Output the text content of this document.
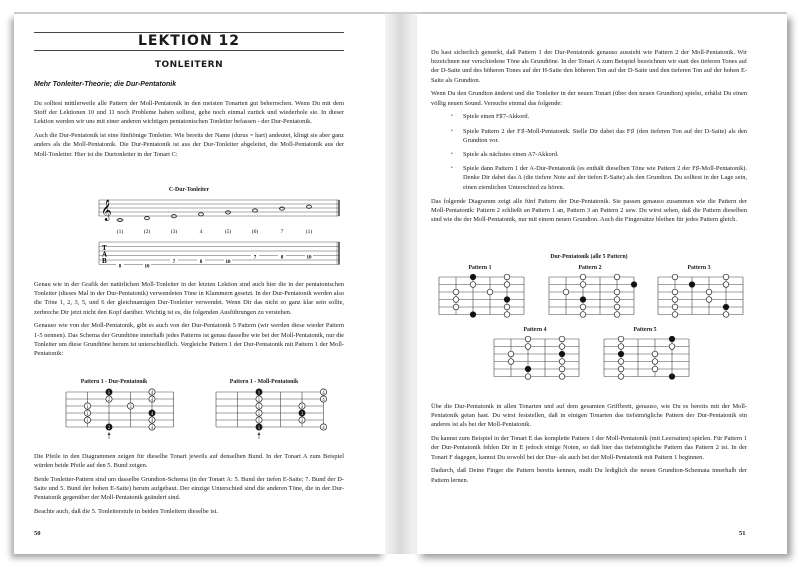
LEKTION 12
TONLEITERN
Mehr Tonleiter-Theorie; die Dur-Pentatonik

Du solltest mittlerweile alle Pattern der Moll-Pentatonik in den meisten Tonarten gut beherrschen. Wenn Du mit dem Stoff der Lektionen 10 und 11 noch Probleme haben solltest, gehe noch einmal zurück und wiederhole sie. In dieser Lektion werden wir uns mit einer anderen wichtigen pentatonischen Tonleiter befassen - der Dur-Pentatonik.

Auch die Dur-Pentatonik ist eine fünftönige Tonleiter. Wie bereits der Name (durus = hart) andeutet, klingt sie aber ganz anders als die Moll-Pentatonik. Die Dur-Pentatonik ist aus der Dur-Tonleiter abgeleitet, die Moll-Pentatonik aus der Moll-Tonleiter. Hier ist die Durtonleiter in der Tonart C:

C-Dur-Tonleiter
𝄞
(1)	(2)	(3)	4	(5)	(6)	7	(1)
T
A
B
8	10
7	8	10
7	8	10

Genau wie in der Grafik der natürlichen Moll-Tonleiter in der letzten Lektion sind auch hier die in der pentatonischen Tonleiter (dieses Mal in der Dur-Pentatonik) verwendeten Töne in Klammern gesetzt. In der Dur-Pentatonik werden also die Töne 1, 2, 3, 5, und 6 der gleichnamigen Dur-Tonleiter verwendet. Wenn Dir das nicht so ganz klar sein sollte, zerbreche Dir jetzt nicht den Kopf darüber. Wichtig ist es, die folgenden Ausführungen zu verstehen.

Genauso wie von der Moll-Pentatonik, gibt es auch von der Dur-Pentatonik 5 Pattern (wir werden diese wieder Pattern 1-5 nennen). Das Schema der Grundtöne innerhalb jedes Patterns ist genau dasselbe wie bei der Moll-Pentatonik, nur die Tonleiter um diese Grundtöne herum ist unterschiedlich. Vergleiche Pattern 1 der Dur-Pentatonik mit Pattern 1 der Moll-Pentatonik:

Pattern 1 - Dur-Pentatonik	Pattern 1 - Moll-Pentatonik
5	4
2	4
1	3
1	4
1	4
2	4
1	4
1	4
1	3
1	3
1	3
1	4

Die Pfeile in den Diagrammen zeigen für dieselbe Tonart jeweils auf denselben Bund. In der Tonart A zum Beispiel würden beide Pfeile auf den 5. Bund zeigen.

Beide Tonleiter-Pattern sind um dasselbe Grundton-Schema (in der Tonart A: 5. Bund der tiefen E-Saite; 7. Bund der D-Saite und 5. Bund der hohen E-Saite) herum aufgebaut. Der einzige Unterschied sind die anderen Töne, die in der Dur-Pentatonik gegenüber der Moll-Pentatonik geändert sind.

Beachte auch, daß die 5. Tonleiterstufe in beiden Tonleitern dieselbe ist.

50

Du hast sicherlich gemerkt, daß Pattern 1 der Dur-Pentatonik genauso aussieht wie Pattern 2 der Moll-Pentatonik. Wir bezeichnen nur verschiedene Töne als Grundtöne. In der Tonart A zum Beispiel bezeichnen wir statt des tieferen Tones auf der D-Saite und des höheren Tones auf der H-Saite den höheren Ton auf der D-Saite und den tieferen Ton auf der hohen E-Saite als Grundton.

Wenn Du den Grundton änderst und die Tonleiter in der neuen Tonart (über den neuen Grundton) spielst, erhälst Du einen völlig neuen Sound. Versuche einmal das folgende:

• Spiele einen F♯7-Akkord.
• Spiele Pattern 2 der F♯-Moll-Pentatonik. Stelle Dir dabei das F♯ (den tieferen Ton auf der D-Saite) als den Grundton vor.
• Spiele als nächstes einen A7-Akkord.
• Spiele dann Pattern 1 der A-Dur-Pentatonik (es enthält dieselben Töne wie Pattern 2 der F♯-Moll-Pentatonik). Denke Dir dabei das A (die tiefere Note auf der tiefen E-Saite) als den Grundton. Du solltest in der Lage sein, einen ziemlichen Unterschied zu hören.

Das folgende Diagramm zeigt alle fünf Pattern der Dur-Pentatonik. Sie passen genauso zusammen wie die Pattern der Moll-Pentatonik: Pattern 2 schließt an Pattern 1 an, Pattern 3 an Pattern 2 usw. Du wirst sehen, daß die Pattern dieselben sind wie die der Moll-Pentatonik, nur mit einem neuen Grundton. Auch die Fingersätze bleiben für jedes Pattern gleich.

Dur-Pentatonik (alle 5 Pattern)
Pattern 1	Pattern 2	Pattern 3
Pattern 4	Pattern 5

Übe die Dur-Pentatonik in allen Tonarten und auf dem gesamten Griffbrett, genauso, wie Du es bereits mit der Moll-Pentatonik getan hast. Du wirst feststellen, daß in einigen Tonarten das tiefstmögliche Pattern der Dur-Pentatonik ein anderes ist als bei der Moll-Pentatonik.

Du kannst zum Beispiel in der Tonart E das komplette Pattern 1 der Moll-Pentatonik (mit Leersaiten) spielen. Für Pattern 1 der Dur-Pentatonik fehlen Dir in E jedoch einige Noten, so daß hier das tiefstmögliche Pattern das Pattern 2 ist. In der Tonart F dagegen, kannst Du sowohl bei der Dur- als auch bei der Moll-Pentatonik mit Pattern 1 beginnen.

Dadurch, daß Deine Finger die Pattern bereits kennen, mußt Du lediglich die neuen Grundton-Schemata innerhalb der Pattern lernen.

51
